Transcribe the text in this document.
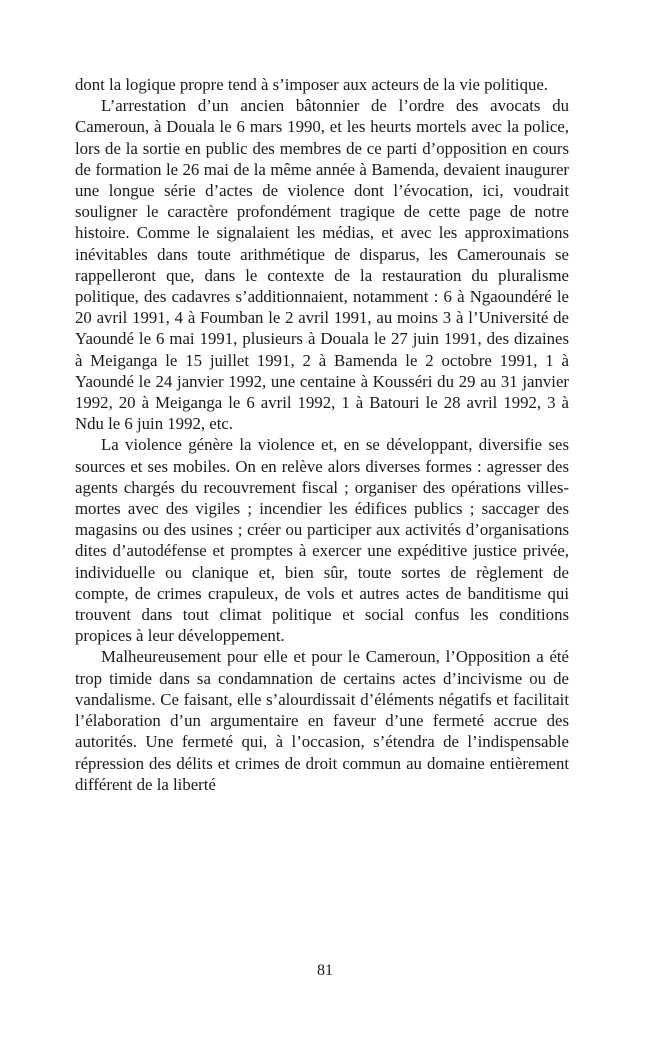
dont la logique propre tend à s’imposer aux acteurs de la vie politique.

L’arrestation d’un ancien bâtonnier de l’ordre des avocats du Cameroun, à Douala le 6 mars 1990, et les heurts mortels avec la police, lors de la sortie en public des membres de ce parti d’opposition en cours de formation le 26 mai de la même année à Bamenda, devaient inaugurer une longue série d’actes de violence dont l’évocation, ici, voudrait souligner le caractère profondément tragique de cette page de notre histoire. Comme le signalaient les médias, et avec les approximations inévitables dans toute arithmétique de disparus, les Camerounais se rappelleront que, dans le contexte de la restauration du pluralisme politique, des cadavres s’additionnaient, notamment : 6 à Ngaoundéré le 20 avril 1991, 4 à Foumban le 2 avril 1991, au moins 3 à l’Université de Yaoundé le 6 mai 1991, plusieurs à Douala le 27 juin 1991, des dizaines à Meiganga le 15 juillet 1991, 2 à Bamenda le 2 octobre 1991, 1 à Yaoundé le 24 janvier 1992, une centaine à Kousséri du 29 au 31 janvier 1992, 20 à Meiganga le 6 avril 1992, 1 à Batouri le 28 avril 1992, 3 à Ndu le 6 juin 1992, etc.

La violence génère la violence et, en se développant, diversifie ses sources et ses mobiles. On en relève alors diverses formes : agresser des agents chargés du recouvrement fiscal ; organiser des opérations villes-mortes avec des vigiles ; incendier les édifices publics ; saccager des magasins ou des usines ; créer ou participer aux activités d’organisations dites d’autodéfense et promptes à exercer une expéditive justice privée, individuelle ou clanique et, bien sûr, toute sortes de règlement de compte, de crimes crapuleux, de vols et autres actes de banditisme qui trouvent dans tout climat politique et social confus les conditions propices à leur développement.

Malheureusement pour elle et pour le Cameroun, l’Opposition a été trop timide dans sa condamnation de certains actes d’incivisme ou de vandalisme. Ce faisant, elle s’alourdissait d’éléments négatifs et facilitait l’élaboration d’un argumentaire en faveur d’une fermeté accrue des autorités. Une fermeté qui, à l’occasion, s’étendra de l’indispensable répression des délits et crimes de droit commun au domaine entièrement différent de la liberté

81
